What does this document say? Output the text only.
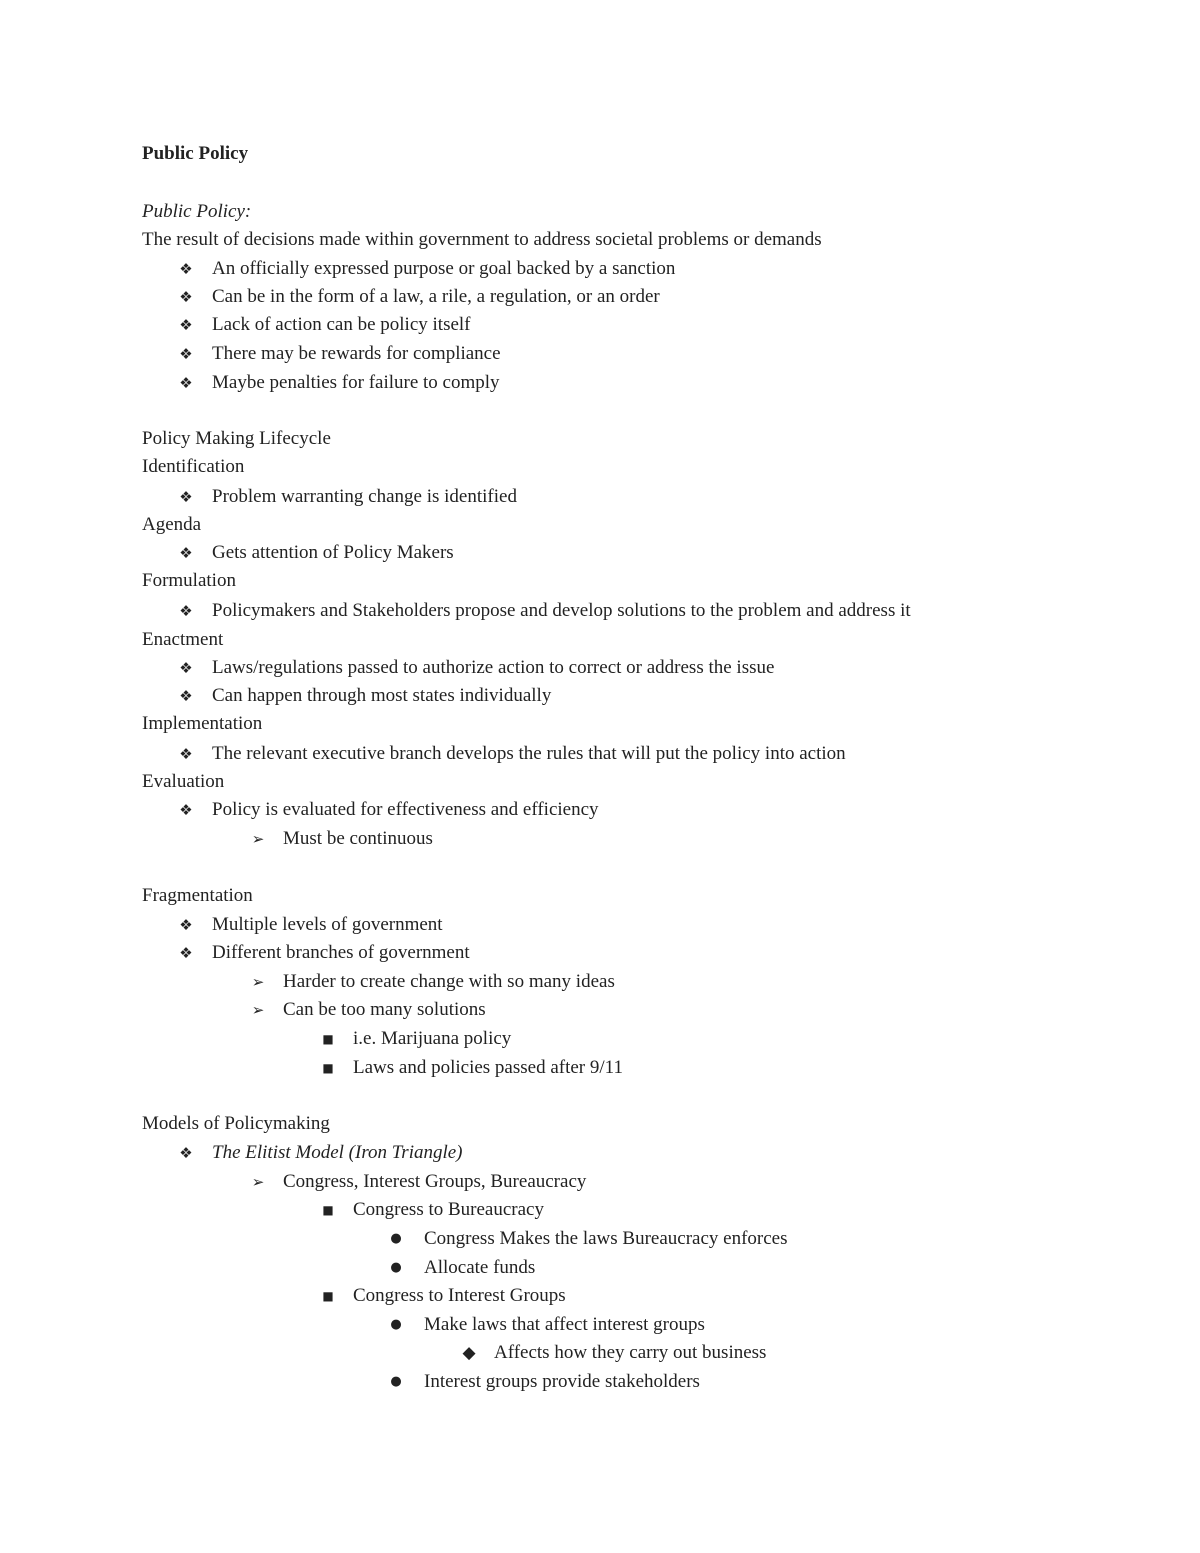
Public Policy
Public Policy:
The result of decisions made within government to address societal problems or demands
❖ An officially expressed purpose or goal backed by a sanction
❖ Can be in the form of a law, a rile, a regulation, or an order
❖ Lack of action can be policy itself
❖ There may be rewards for compliance
❖ Maybe penalties for failure to comply
Policy Making Lifecycle
Identification
❖ Problem warranting change is identified
Agenda
❖ Gets attention of Policy Makers
Formulation
❖ Policymakers and Stakeholders propose and develop solutions to the problem and address it
Enactment
❖ Laws/regulations passed to authorize action to correct or address the issue
❖ Can happen through most states individually
Implementation
❖ The relevant executive branch develops the rules that will put the policy into action
Evaluation
❖ Policy is evaluated for effectiveness and efficiency
➢ Must be continuous
Fragmentation
❖ Multiple levels of government
❖ Different branches of government
➢ Harder to create change with so many ideas
➢ Can be too many solutions
■ i.e. Marijuana policy
■ Laws and policies passed after 9/11
Models of Policymaking
❖ The Elitist Model (Iron Triangle)
➢ Congress, Interest Groups, Bureaucracy
■ Congress to Bureaucracy
● Congress Makes the laws Bureaucracy enforces
● Allocate funds
■ Congress to Interest Groups
● Make laws that affect interest groups
◆ Affects how they carry out business
● Interest groups provide stakeholders
